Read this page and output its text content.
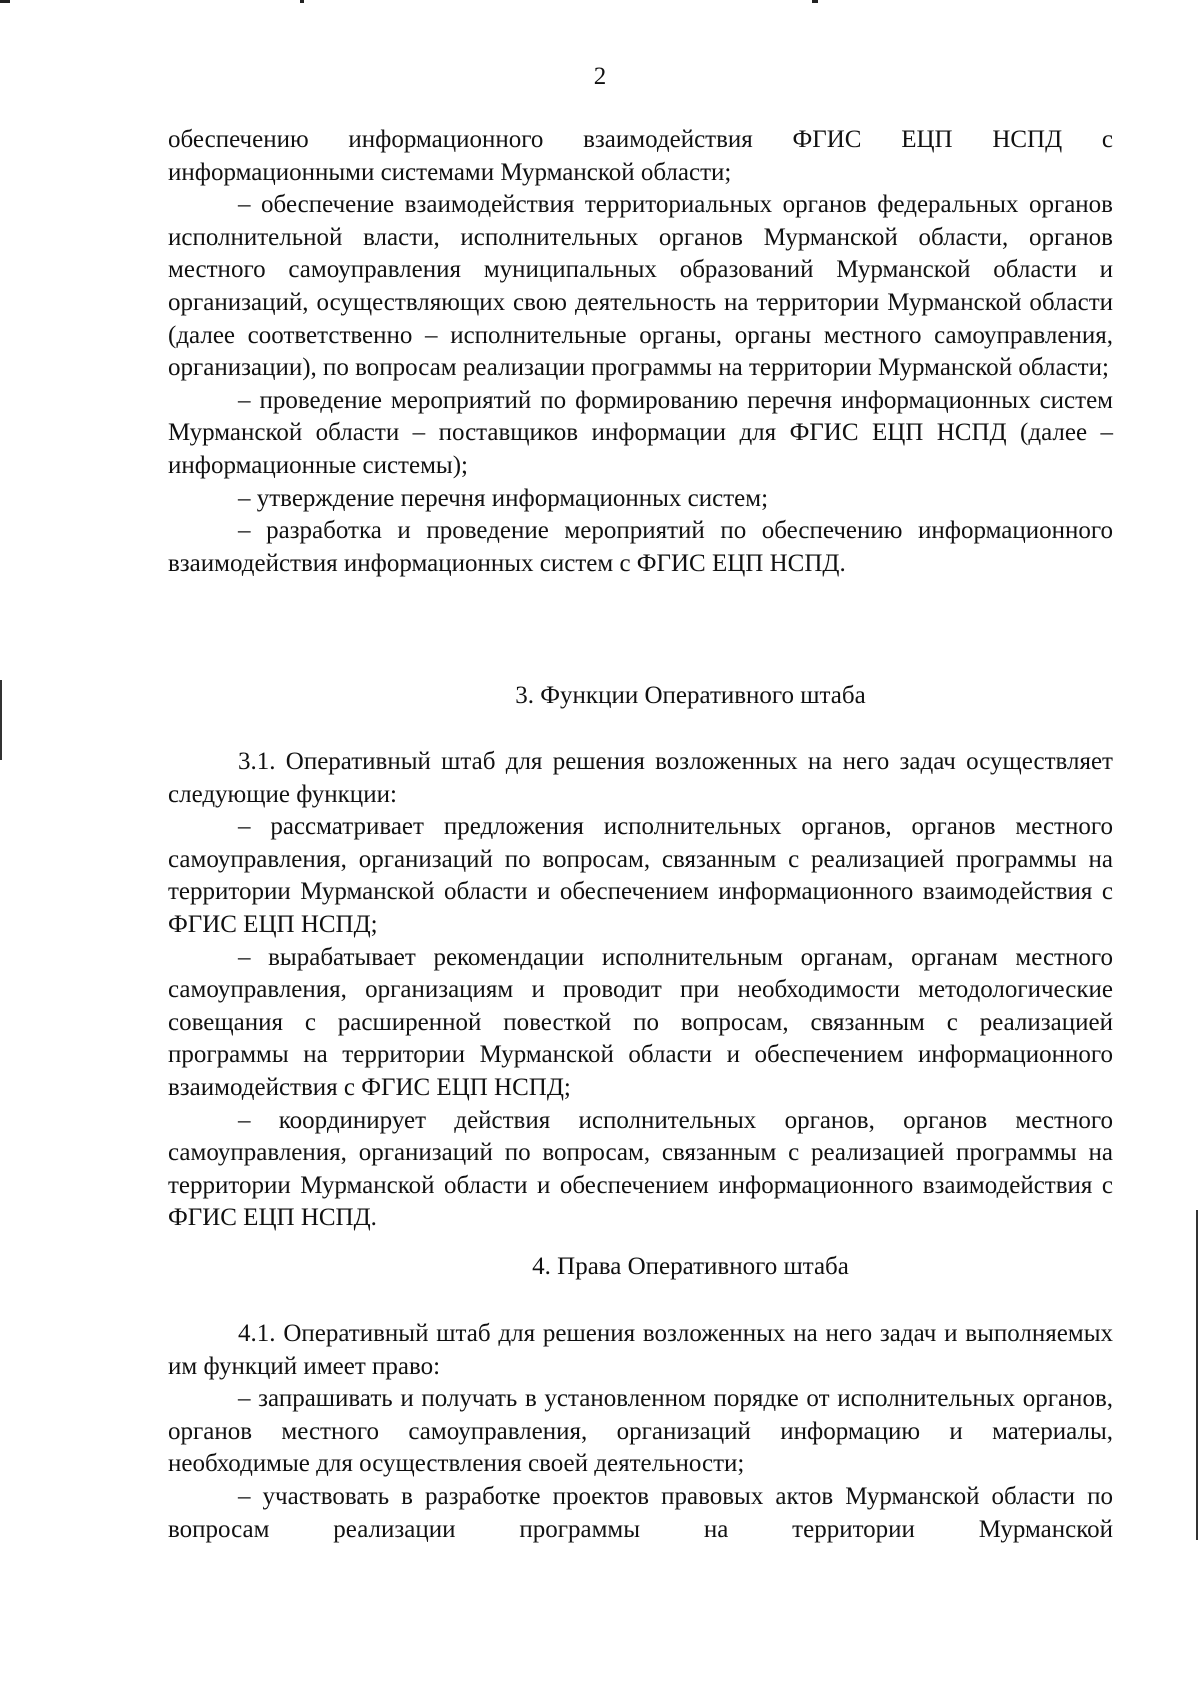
2

обеспечению информационного взаимодействия ФГИС ЕЦП НСПД с информационными системами Мурманской области;

– обеспечение взаимодействия территориальных органов федеральных органов исполнительной власти, исполнительных органов Мурманской области, органов местного самоуправления муниципальных образований Мурманской области и организаций, осуществляющих свою деятельность на территории Мурманской области (далее соответственно – исполнительные органы, органы местного самоуправления, организации), по вопросам реализации программы на территории Мурманской области;

– проведение мероприятий по формированию перечня информационных систем Мурманской области – поставщиков информации для ФГИС ЕЦП НСПД (далее – информационные системы);

– утверждение перечня информационных систем;

– разработка и проведение мероприятий по обеспечению информационного взаимодействия информационных систем с ФГИС ЕЦП НСПД.

3. Функции Оперативного штаба

3.1. Оперативный штаб для решения возложенных на него задач осуществляет следующие функции:

– рассматривает предложения исполнительных органов, органов местного самоуправления, организаций по вопросам, связанным с реализацией программы на территории Мурманской области и обеспечением информационного взаимодействия с ФГИС ЕЦП НСПД;

– вырабатывает рекомендации исполнительным органам, органам местного самоуправления, организациям и проводит при необходимости методологические совещания с расширенной повесткой по вопросам, связанным с реализацией программы на территории Мурманской области и обеспечением информационного взаимодействия с ФГИС ЕЦП НСПД;

– координирует действия исполнительных органов, органов местного самоуправления, организаций по вопросам, связанным с реализацией программы на территории Мурманской области и обеспечением информационного взаимодействия с ФГИС ЕЦП НСПД.

4. Права Оперативного штаба

4.1. Оперативный штаб для решения возложенных на него задач и выполняемых им функций имеет право:

– запрашивать и получать в установленном порядке от исполнительных органов, органов местного самоуправления, организаций информацию и материалы, необходимые для осуществления своей деятельности;

– участвовать в разработке проектов правовых актов Мурманской области по вопросам реализации программы на территории Мурманской
